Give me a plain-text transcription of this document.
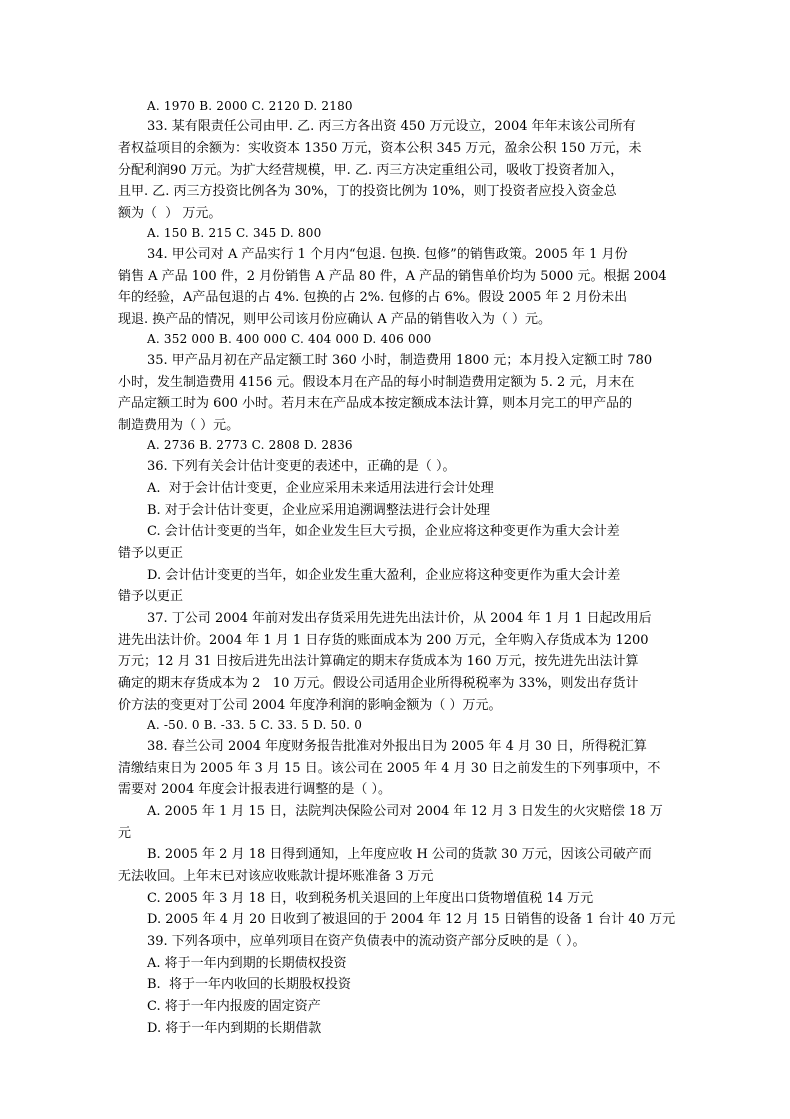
A. 1970 B. 2000 C. 2120 D. 2180
33. 某有限责任公司由甲. 乙. 丙三方各出资 450 万元设立，2004 年年末该公司所有
者权益项目的余额为：实收资本 1350 万元，资本公积 345 万元，盈余公积 150 万元，未
分配利润90 万元。为扩大经营规模，甲. 乙. 丙三方决定重组公司，吸收丁投资者加入，
且甲. 乙. 丙三方投资比例各为 30%，丁的投资比例为 10%，则丁投资者应投入资金总
额为（  ） 万元。
A. 150 B. 215 C. 345 D. 800
34. 甲公司对 A 产品实行 1 个月内“包退. 包换. 包修”的销售政策。2005 年 1 月份
销售 A 产品 100 件，2 月份销售 A 产品 80 件，A 产品的销售单价均为 5000 元。根据 2004
年的经验，A产品包退的占 4%. 包换的占 2%. 包修的占 6%。假设 2005 年 2 月份未出
现退. 换产品的情况，则甲公司该月份应确认 A 产品的销售收入为（ ）元。
A. 352 000 B. 400 000 C. 404 000 D. 406 000
35. 甲产品月初在产品定额工时 360 小时，制造费用 1800 元；本月投入定额工时 780
小时，发生制造费用 4156 元。假设本月在产品的每小时制造费用定额为 5. 2 元，月末在
产品定额工时为 600 小时。若月末在产品成本按定额成本法计算，则本月完工的甲产品的
制造费用为（ ）元。
A. 2736 B. 2773 C. 2808 D. 2836
36. 下列有关会计估计变更的表述中，正确的是（ ）。
A.  对于会计估计变更，企业应采用未来适用法进行会计处理
B. 对于会计估计变更，企业应采用追溯调整法进行会计处理
C. 会计估计变更的当年，如企业发生巨大亏损，企业应将这种变更作为重大会计差
错予以更正
D. 会计估计变更的当年，如企业发生重大盈利，企业应将这种变更作为重大会计差
错予以更正
37. 丁公司 2004 年前对发出存货采用先进先出法计价，从 2004 年 1 月 1 日起改用后
进先出法计价。2004 年 1 月 1 日存货的账面成本为 200 万元，全年购入存货成本为 1200
万元；12 月 31 日按后进先出法计算确定的期末存货成本为 160 万元，按先进先出法计算
确定的期末存货成本为 2   10 万元。假设公司适用企业所得税税率为 33%，则发出存货计
价方法的变更对丁公司 2004 年度净利润的影响金额为（ ）万元。
A. -50. 0 B. -33. 5 C. 33. 5 D. 50. 0
38. 春兰公司 2004 年度财务报告批准对外报出日为 2005 年 4 月 30 日，所得税汇算
清缴结束日为 2005 年 3 月 15 日。该公司在 2005 年 4 月 30 日之前发生的下列事项中，不
需要对 2004 年度会计报表进行调整的是（ ）。
A. 2005 年 1 月 15 日，法院判决保险公司对 2004 年 12 月 3 日发生的火灾赔偿 18 万
元
B. 2005 年 2 月 18 日得到通知，上年度应收 H 公司的货款 30 万元，因该公司破产而
无法收回。上年末已对该应收账款计提坏账准备 3 万元
C. 2005 年 3 月 18 日，收到税务机关退回的上年度出口货物增值税 14 万元
D. 2005 年 4 月 20 日收到了被退回的于 2004 年 12 月 15 日销售的设备 1 台计 40 万元
39. 下列各项中，应单列项目在资产负债表中的流动资产部分反映的是（ ）。
A. 将于一年内到期的长期债权投资
B.  将于一年内收回的长期股权投资
C. 将于一年内报废的固定资产
D. 将于一年内到期的长期借款
